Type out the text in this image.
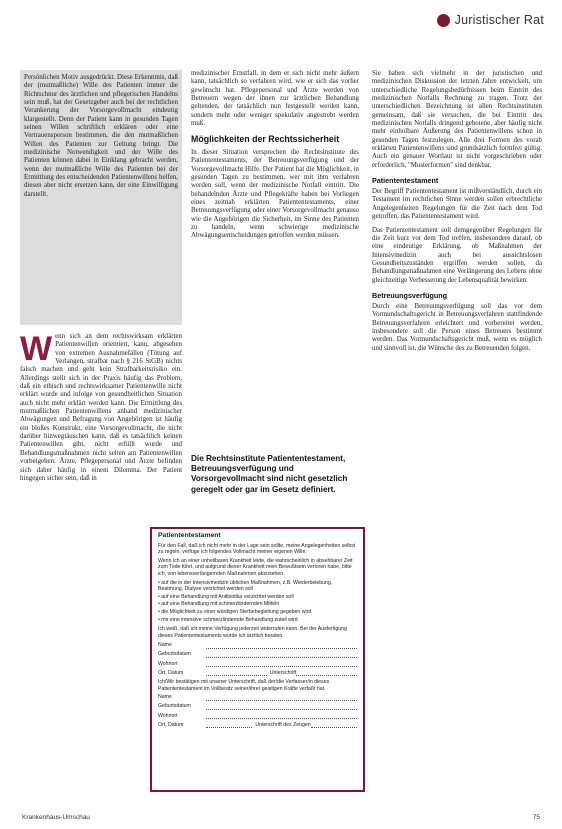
Juristischer Rat
Persönlichen Motiv ausgedrückt. Diese Erkenntnis, daß der (mutmaßliche) Wille des Patienten immer die Richtschnur des ärztlichen und pflegerischen Handelns sein muß, hat der Gesetzgeber auch bei der rechtlichen Verankerung der Vorsorgevollmacht eindeutig klargestellt. Denn der Patient kann in gesunden Tagen seinen Willen schriftlich erklären oder eine Vertrauensperson bestimmen, die den mutmaßlichen Willen des Patienten zur Geltung bringt. Die medizinische Notwendigkeit und der Wille des Patienten können dabei in Einklang gebracht werden, wenn der mutmaßliche Wille des Patienten bei der Ermittlung des entscheidenden Patientenwillens helfen, diesen aber nicht ersetzen kann, der eine Einwilligung darstellt.
W enn sich an dem rechtswirksam erklärten Patientenwillen orientiert, kann, abgesehen von extremen Ausnahmefällen (Tötung auf Verlangen, strafbar nach § 216 StGB) nichts falsch machen und geht kein Strafbarkeitsrisiko ein. Allerdings stellt sich in der Praxis häufig das Problem, daß ein ethisch und rechtswirksamer Patientenwille nicht erklärt wurde und infolge von gesundheitlichen Situation auch nicht mehr erklärt werden kann. Die Ermittlung des mutmaßlichen Patientenwillens anhand medizinischer Abwägungen und Befragung von Angehörigen ist häufig ein bloßes Konstrukt, eine Vorsorgevollmacht, die nicht darüber hinwegtäuschen kann, daß es tatsächlich keinen Patientenwillen gibt, nicht erfüllt wurde und Behandlungsmaßnahmen nicht selten am Patientenwillen vorbeigehen. Ärzte, Pflegepersonal und Ärzte befinden sich daher häufig in einem Dilemma. Der Patient hingegen sicher sein, daß in

medizinischer Ernstfall, in dem er sich nicht mehr äußern kann, tatsächlich so verfahren wird, wie er sich das vorher gewünscht hat. Pflegepersonal und Ärzte werden von Betreuern wegen der ihnen zur ärztlichen Behandlung geltenden, der tatsächlich nun festgestellt werden kann, sondern mehr oder weniger spekulativ angestrebt werden muß.

Möglichkeiten der Rechtssicherheit

In dieser Situation versprechen die Rechtsinstitute des Patiententestaments, der Betreuungsverfügung und der Vorsorgevollmacht Hilfe. Der Patient hat die Möglichkeit, in gesunden Tagen zu bestimmen, wer mit ihm verfahren werden soll, wenn der medizinische Notfall eintritt. Die behandelnden Ärzte und Pflegekräfte haben bei Vorliegen eines zeitnah erklärten Patiententestaments, einer Betreuungsverfügung oder einer Vorsorgevollmacht genauso wie die Angehörigen die Sicherheit, im Sinne des Patienten zu handeln, wenn schwierige medizinische Abwägungsentscheidungen getroffen werden müssen.

Die Rechtsinstitute Patiententestament, Betreuungsverfügung und Vorsorgevollmacht sind nicht gesetzlich geregelt oder gar im Gesetz definiert.
Patiententestament

Für den Fall, daß ich nicht mehr in der Lage sein sollte, meine Angelegenheiten selbst zu regeln, verfüge ich folgendes Vollmacht meiner eigenen Wille:

Wenn ich an einer unheilbaren Krankheit leide, die wahrscheinlich in absehbarer Zeit zum Tode führt, und aufgrund dieser Krankheit mein Bewußtsein verloren habe, bitte ich, von lebensverlängernden Maßnahmen abzusehen.

• auf die in der Intensivmedizin üblichen Maßnahmen, z.B. Wiederbelebung, Beatmung, Dialyse verzichtet werden soll
• auf eine Behandlung mit Antibiotika verzichtet werden soll
• auf eine Behandlung mit schmerzlindernden Mitteln
• die Möglichkeit zu einer würdigen Sterbebegleitung gegeben wird
• mir eine intensive schmerzlindernde Behandlung zuteil wird

Ich weiß, daß ich meine Verfügung jederzeit widerrufen kann. Bei der Ausfertigung dieses Patiententestaments wurde ich ärztlich beraten.

Name
Geburtsdatum
Wohnort
Ort, Datum	Unterschrift

Ich/Wir bestätigen mit unserer Unterschrift, daß der/die Verfasser/in dieses Patiententestament im Vollbesitz seiner/ihrer geistigen Kräfte verfaßt hat.

Name
Geburtsdatum
Wohnort
Ort, Datum	Unterschrift des Zeugen

Sie haben sich vielmehr in der juristischen und medizinischen Diskussion der letzten Jahre entwickelt, um unterschiedliche Regelungsbedürfnissen beim Eintritt des medizinischen Notfalls Rechnung zu tragen. Trotz der unterschiedlichen Bezeichnung ist allen Rechtsinstituten gemeinsam, daß sie versuchen, die bei Eintritt des medizinischen Notfalls dringend gebotene, aber häufig nicht mehr einholbare Äußerung des Patientenwillens schon in gesunden Tagen festzulegen. Alle drei Formen des vorab erklärten Patientenwillens sind grundsätzlich formfrei gültig. Auch ein genauer Wortlaut ist nicht vorgeschrieben oder erforderlich, "Musterformen" sind denkbar.

Patiententestament

Der Begriff Patiententestament ist mißverständlich, durch ein Testament im rechtlichen Sinne werden sollen erbrechtliche Angelegenheiten Regelungen für die Zeit nach dem Tod getroffen, das Patiententestament wird.

Das Patiententestament soll demgegenüber Regelungen für die Zeit kurz vor dem Tod treffen, insbesondere darauf, ob eine eindeutige Erklärung, ob Maßnahmen der Intensivmedizin auch bei aussichtslosen Gesundheitszuständen ergriffen werden sollen, da Behandlungsmaßnahmen eine Verlängerung des Lebens ohne gleichzeitige Verbesserung der Lebensqualität bewirken.

Betreuungsverfügung

Durch eine Betreuungsverfügung soll das vor dem Vormundschaftsgericht in Betreuungsverfahren stattfindende Betreuungsverfahren erleichtert und vorbereitet werden, insbesondere soll die Person eines Betreuers bestimmt werden. Das Vormundschaftsgericht muß, wenn es möglich und sinnvoll ist, die Wünsche des zu Betreuenden folgen.

Krankenhaus-Umschau	75
